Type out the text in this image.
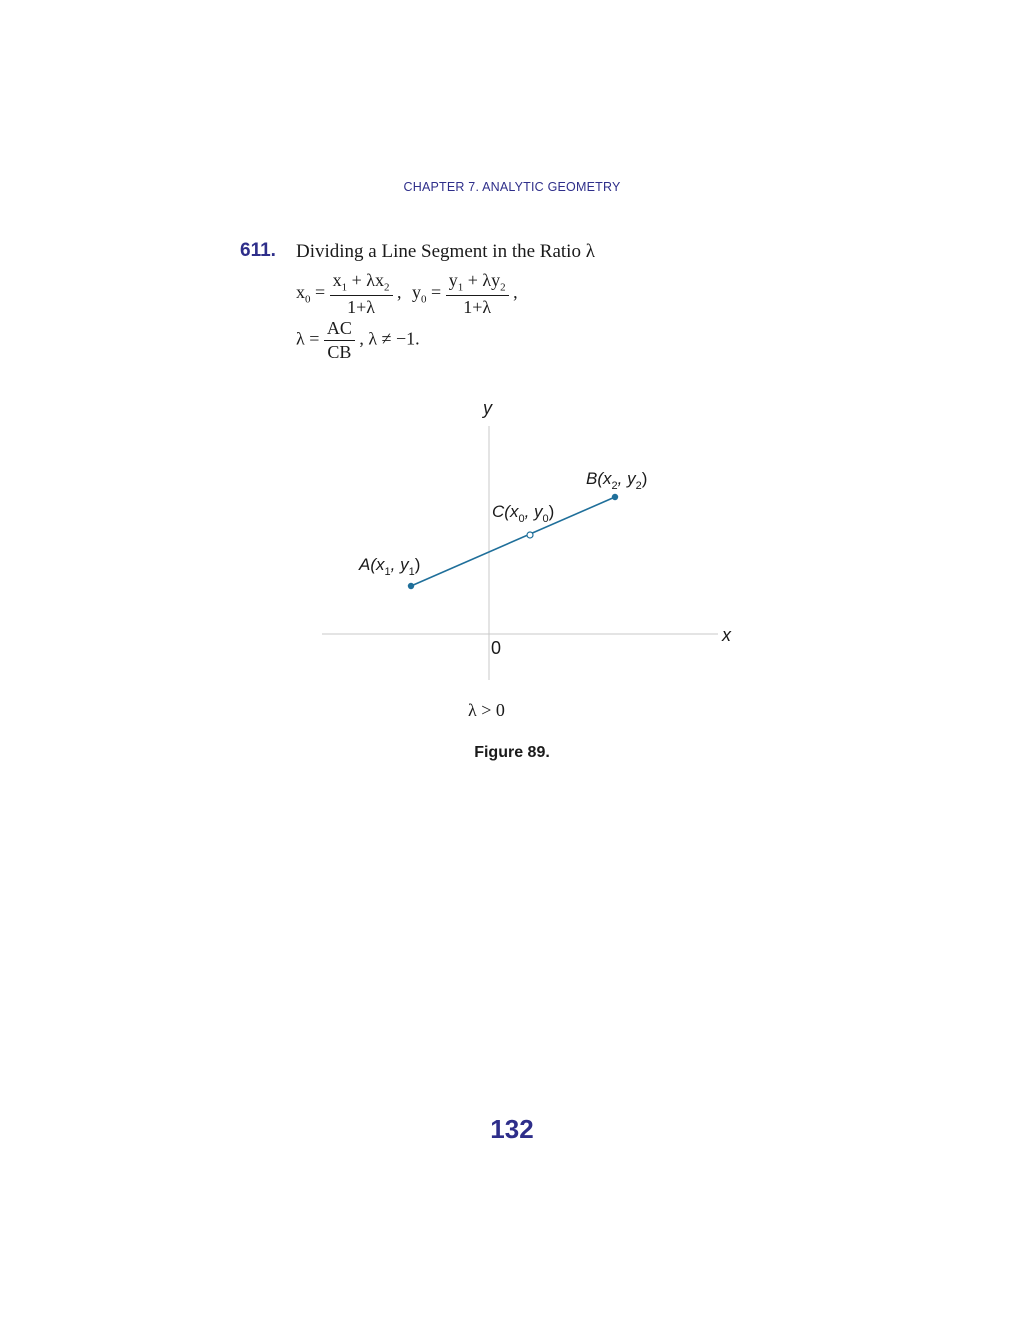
CHAPTER 7. ANALYTIC GEOMETRY
611. Dividing a Line Segment in the Ratio λ
$x_0 = \frac{x_1 + \lambda x_2}{1+\lambda}$ , $y_0 = \frac{y_1 + \lambda y_2}{1+\lambda}$ ,
$\lambda = \frac{AC}{CB}$ , λ ≠ −1.
y
x
0
$A(x_1$, $y_1$)
$B(x_2$, $y_2$)
$C(x_0$, $y_0$)
λ > 0
Figure 89.
132
